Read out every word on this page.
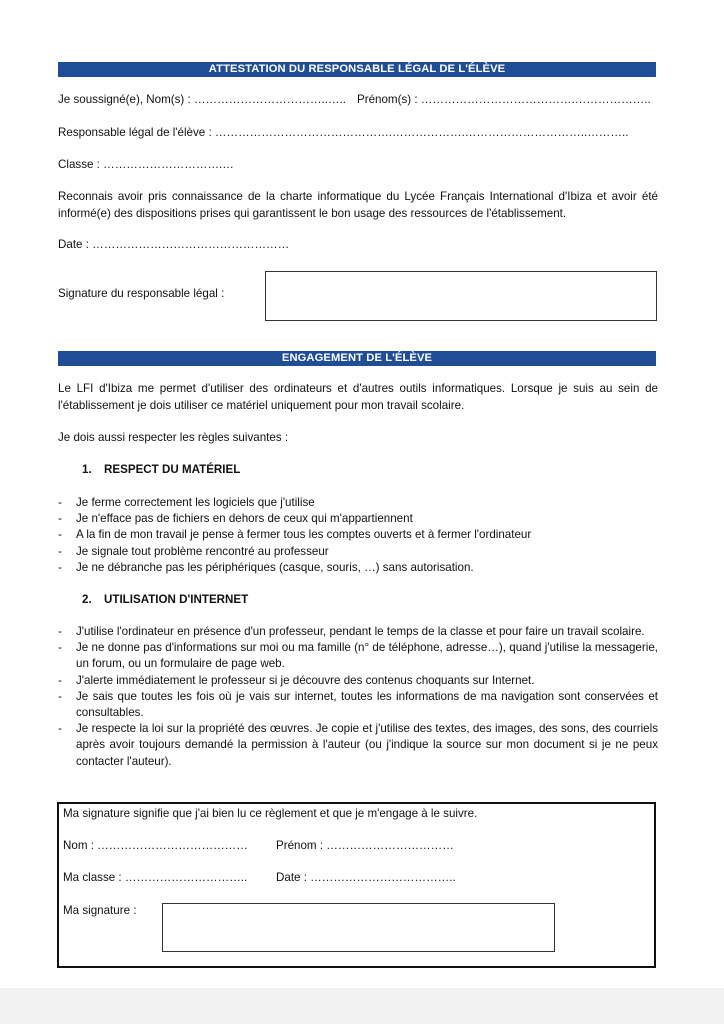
ATTESTATION DU RESPONSABLE LÉGAL DE L'ÉLÈVE
Je soussigné(e), Nom(s) : ……………………………..….. Prénom(s) : ………………………………….………………..
Responsable légal de l'élève : ……………………………………….……………….…………………………..………..
Classe : ………………………….…
Reconnais avoir pris connaissance de la charte informatique du Lycée Français International d'Ibiza et avoir été informé(e) des dispositions prises qui garantissent le bon usage des ressources de l'établissement.
Date : ……………………………………………
Signature du responsable légal :
ENGAGEMENT DE L'ÉLÈVE
Le LFI d'Ibiza me permet d'utiliser des ordinateurs et d'autres outils informatiques. Lorsque je suis au sein de l'établissement je dois utiliser ce matériel uniquement pour mon travail scolaire.
Je dois aussi respecter les règles suivantes :
1. RESPECT DU MATÉRIEL
- Je ferme correctement les logiciels que j'utilise
- Je n'efface pas de fichiers en dehors de ceux qui m'appartiennent
- A la fin de mon travail je pense à fermer tous les comptes ouverts et à fermer l'ordinateur
- Je signale tout problème rencontré au professeur
- Je ne débranche pas les périphériques (casque, souris, …) sans autorisation.
2. UTILISATION D'INTERNET
- J'utilise l'ordinateur en présence d'un professeur, pendant le temps de la classe et pour faire un travail scolaire.
- Je ne donne pas d'informations sur moi ou ma famille (n° de téléphone, adresse…), quand j'utilise la messagerie, un forum, ou un formulaire de page web.
- J'alerte immédiatement le professeur si je découvre des contenus choquants sur Internet.
- Je sais que toutes les fois où je vais sur internet, toutes les informations de ma navigation sont conservées et consultables.
- Je respecte la loi sur la propriété des œuvres. Je copie et j'utilise des textes, des images, des sons, des courriels après avoir toujours demandé la permission à l'auteur (ou j'indique la source sur mon document si je ne peux contacter l'auteur).
Ma signature signifie que j'ai bien lu ce règlement et que je m'engage à le suivre.
Nom : ………………………………… Prénom : ……………………………
Ma classe : ………………………….. Date : ………………………………..
Ma signature :
